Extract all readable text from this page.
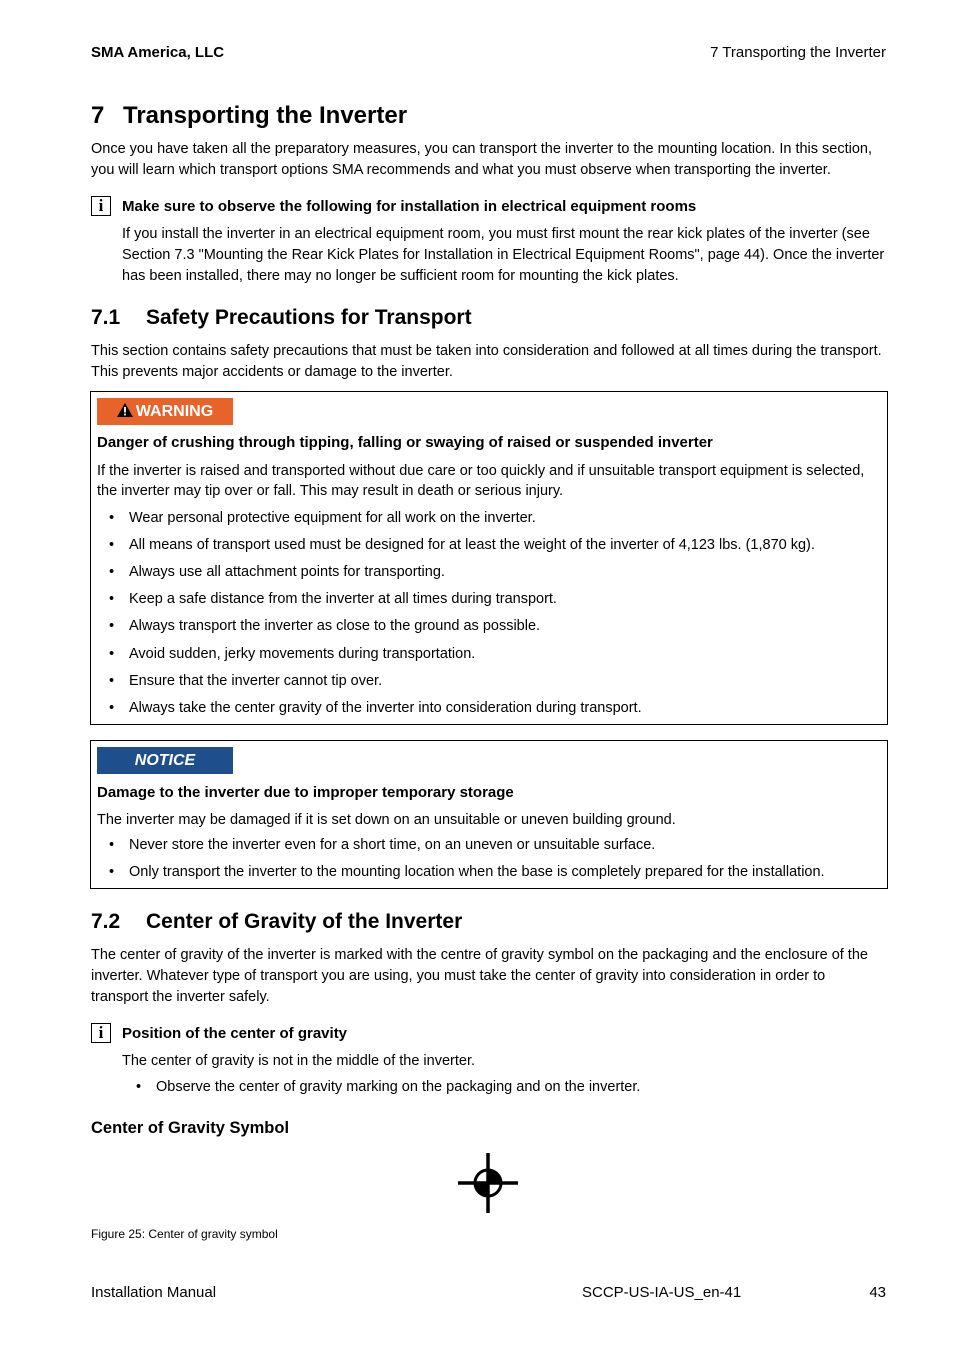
SMA America, LLC	7 Transporting the Inverter
7 Transporting the Inverter
Once you have taken all the preparatory measures, you can transport the inverter to the mounting location. In this section, you will learn which transport options SMA recommends and what you must observe when transporting the inverter.
i	Make sure to observe the following for installation in electrical equipment rooms
If you install the inverter in an electrical equipment room, you must first mount the rear kick plates of the inverter (see Section 7.3 "Mounting the Rear Kick Plates for Installation in Electrical Equipment Rooms", page 44). Once the inverter has been installed, there may no longer be sufficient room for mounting the kick plates.
7.1 Safety Precautions for Transport
This section contains safety precautions that must be taken into consideration and followed at all times during the transport. This prevents major accidents or damage to the inverter.
WARNING
Danger of crushing through tipping, falling or swaying of raised or suspended inverter
If the inverter is raised and transported without due care or too quickly and if unsuitable transport equipment is selected, the inverter may tip over or fall. This may result in death or serious injury.
• Wear personal protective equipment for all work on the inverter.
• All means of transport used must be designed for at least the weight of the inverter of 4,123 lbs. (1,870 kg).
• Always use all attachment points for transporting.
• Keep a safe distance from the inverter at all times during transport.
• Always transport the inverter as close to the ground as possible.
• Avoid sudden, jerky movements during transportation.
• Ensure that the inverter cannot tip over.
• Always take the center gravity of the inverter into consideration during transport.
NOTICE
Damage to the inverter due to improper temporary storage
The inverter may be damaged if it is set down on an unsuitable or uneven building ground.
• Never store the inverter even for a short time, on an uneven or unsuitable surface.
• Only transport the inverter to the mounting location when the base is completely prepared for the installation.
7.2 Center of Gravity of the Inverter
The center of gravity of the inverter is marked with the centre of gravity symbol on the packaging and the enclosure of the inverter. Whatever type of transport you are using, you must take the center of gravity into consideration in order to transport the inverter safely.
i	Position of the center of gravity
The center of gravity is not in the middle of the inverter.
• Observe the center of gravity marking on the packaging and on the inverter.
Center of Gravity Symbol
Figure 25: Center of gravity symbol
Installation Manual	SCCP-US-IA-US_en-41	43
